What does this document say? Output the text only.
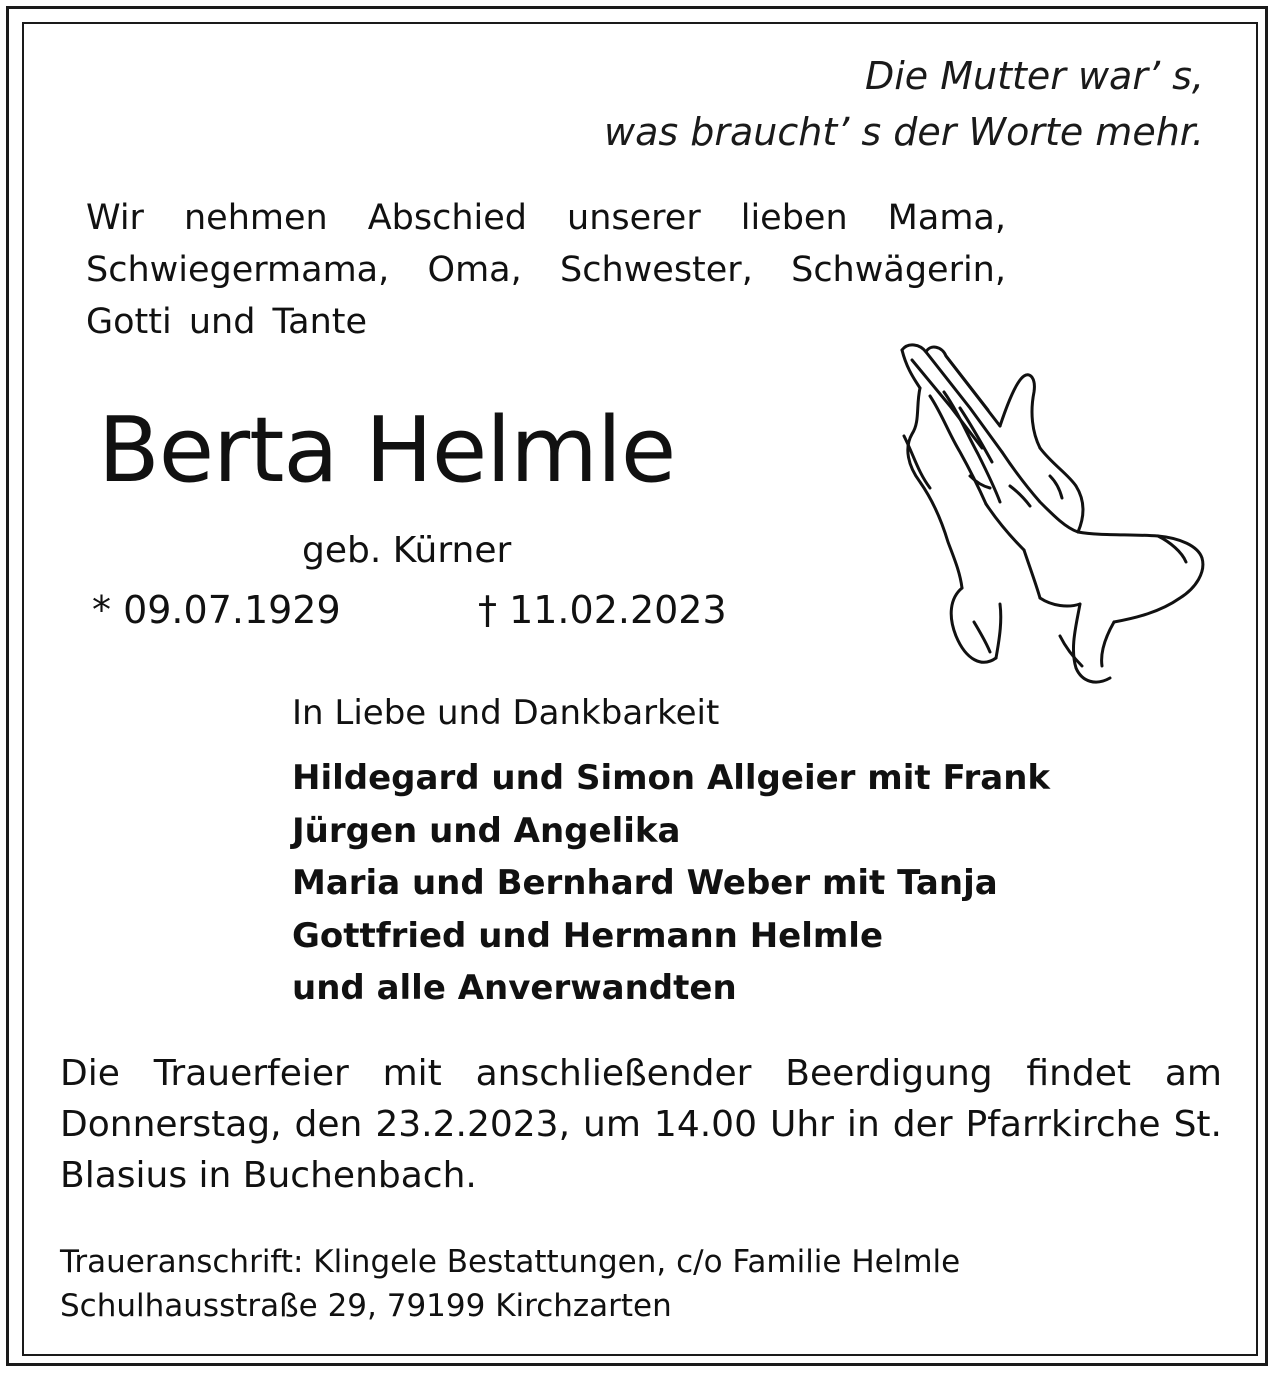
Die Mutter war’ s,
was braucht’ s der Worte mehr.
Wir nehmen Abschied unserer lieben Mama, Schwiegermama, Oma, Schwester, Schwägerin, Gotti und Tante
Berta Helmle
geb. Kürner
* 09.07.1929	† 11.02.2023
In Liebe und Dankbarkeit
Hildegard und Simon Allgeier mit Frank
Jürgen und Angelika
Maria und Bernhard Weber mit Tanja
Gottfried und Hermann Helmle
und alle Anverwandten
Die Trauerfeier mit anschließender Beerdigung findet am Donnerstag, den 23.2.2023, um 14.00 Uhr in der Pfarrkirche St. Blasius in Buchenbach.
Traueranschrift: Klingele Bestattungen, c/o Familie Helmle
Schulhausstraße 29, 79199 Kirchzarten
